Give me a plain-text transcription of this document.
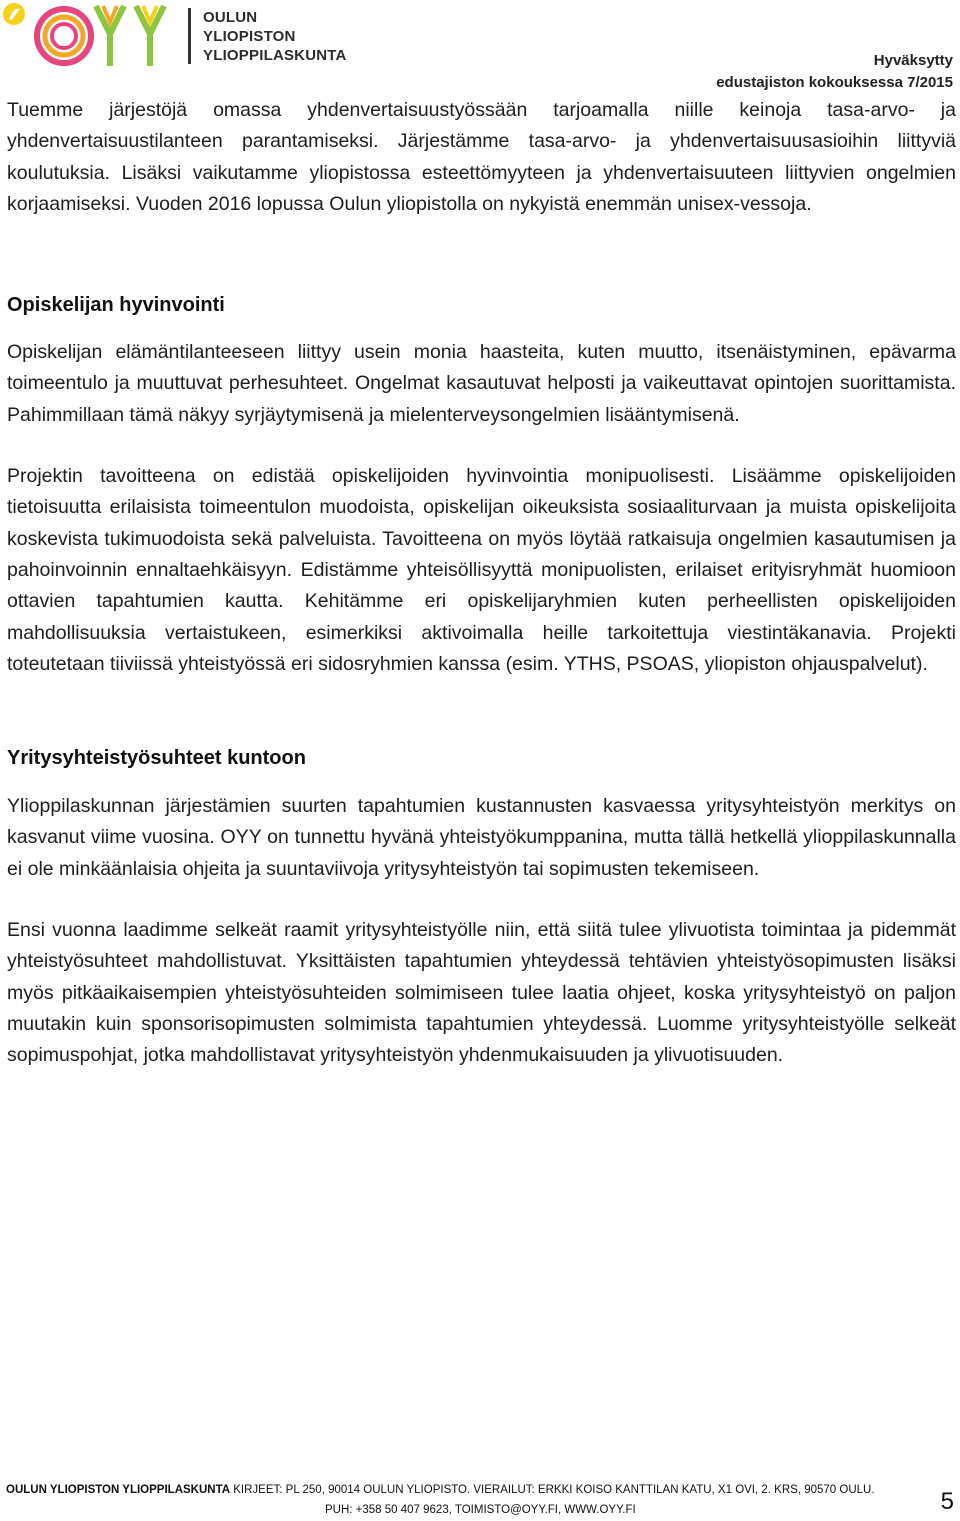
OULUN
YLIOPISTON
YLIOPPILASKUNTA	Hyväksytty
edustajiston kokouksessa 7/2015

Tuemme järjestöjä omassa yhdenvertaisuustyössään tarjoamalla niille keinoja tasa-arvo- ja yhdenvertaisuustilanteen parantamiseksi. Järjestämme tasa-arvo- ja yhdenvertaisuusasioihin liittyviä koulutuksia. Lisäksi vaikutamme yliopistossa esteettömyyteen ja yhdenvertaisuuteen liittyvien ongelmien korjaamiseksi. Vuoden 2016 lopussa Oulun yliopistolla on nykyistä enemmän unisex-vessoja.

Opiskelijan hyvinvointi

Opiskelijan elämäntilanteeseen liittyy usein monia haasteita, kuten muutto, itsenäistyminen, epävarma toimeentulo ja muuttuvat perhesuhteet. Ongelmat kasautuvat helposti ja vaikeuttavat opintojen suorittamista. Pahimmillaan tämä näkyy syrjäytymisenä ja mielenterveysongelmien lisääntymisenä.

Projektin tavoitteena on edistää opiskelijoiden hyvinvointia monipuolisesti. Lisäämme opiskelijoiden tietoisuutta erilaisista toimeentulon muodoista, opiskelijan oikeuksista sosiaaliturvaan ja muista opiskelijoita koskevista tukimuodoista sekä palveluista. Tavoitteena on myös löytää ratkaisuja ongelmien kasautumisen ja pahoinvoinnin ennaltaehkäisyyn. Edistämme yhteisöllisyyttä monipuolisten, erilaiset erityisryhmät huomioon ottavien tapahtumien kautta. Kehitämme eri opiskelijaryhmien kuten perheellisten opiskelijoiden mahdollisuuksia vertaistukeen, esimerkiksi aktivoimalla heille tarkoitettuja viestintäkanavia. Projekti toteutetaan tiiviissä yhteistyössä eri sidosryhmien kanssa (esim. YTHS, PSOAS, yliopiston ohjauspalvelut).

Yritysyhteistyösuhteet kuntoon

Ylioppilaskunnan järjestämien suurten tapahtumien kustannusten kasvaessa yritysyhteistyön merkitys on kasvanut viime vuosina. OYY on tunnettu hyvänä yhteistyökumppanina, mutta tällä hetkellä ylioppilaskunnalla ei ole minkäänlaisia ohjeita ja suuntaviivoja yritysyhteistyön tai sopimusten tekemiseen.

Ensi vuonna laadimme selkeät raamit yritysyhteistyölle niin, että siitä tulee ylivuotista toimintaa ja pidemmät yhteistyösuhteet mahdollistuvat. Yksittäisten tapahtumien yhteydessä tehtävien yhteistyösopimusten lisäksi myös pitkäaikaisempien yhteistyösuhteiden solmimiseen tulee laatia ohjeet, koska yritysyhteistyö on paljon muutakin kuin sponsorisopimusten solmimista tapahtumien yhteydessä. Luomme yritysyhteistyölle selkeät sopimuspohjat, jotka mahdollistavat yritysyhteistyön yhdenmukaisuuden ja ylivuotisuuden.

OULUN YLIOPISTON YLIOPPILASKUNTA KIRJEET: PL 250, 90014 OULUN YLIOPISTO. VIERAILUT: ERKKI KOISO KANTTILAN KATU, X1 OVI, 2. KRS, 90570 OULU.
PUH: +358 50 407 9623, TOIMISTO@OYY.FI, WWW.OYY.FI	5
